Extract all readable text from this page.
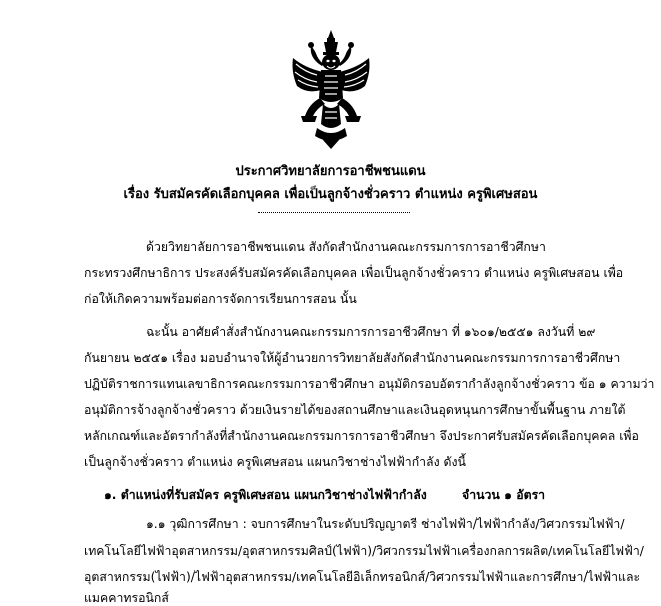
ประกาศวิทยาลัยการอาชีพชนแดน
เรื่อง รับสมัครคัดเลือกบุคคล เพื่อเป็นลูกจ้างชั่วคราว ตำแหน่ง ครูพิเศษสอน
ด้วยวิทยาลัยการอาชีพชนแดน สังกัดสำนักงานคณะกรรมการการอาชีวศึกษา
กระทรวงศึกษาธิการ ประสงค์รับสมัครคัดเลือกบุคคล เพื่อเป็นลูกจ้างชั่วคราว ตำแหน่ง ครูพิเศษสอน เพื่อ
ก่อให้เกิดความพร้อมต่อการจัดการเรียนการสอน นั้น
ฉะนั้น อาศัยคำสั่งสำนักงานคณะกรรมการการอาชีวศึกษา ที่ ๑๖๐๑/๒๕๕๑ ลงวันที่ ๒๙
กันยายน ๒๕๕๑ เรื่อง มอบอำนาจให้ผู้อำนวยการวิทยาลัยสังกัดสำนักงานคณะกรรมการการอาชีวศึกษา
ปฏิบัติราชการแทนเลขาธิการคณะกรรมการอาชีวศึกษา อนุมัติกรอบอัตรากำลังลูกจ้างชั่วคราว ข้อ ๑ ความว่า
อนุมัติการจ้างลูกจ้างชั่วคราว ด้วยเงินรายได้ของสถานศึกษาและเงินอุดหนุนการศึกษาขั้นพื้นฐาน ภายใต้
หลักเกณฑ์และอัตรากำลังที่สำนักงานคณะกรรมการการอาชีวศึกษา จึงประกาศรับสมัครคัดเลือกบุคคล เพื่อ
เป็นลูกจ้างชั่วคราว ตำแหน่ง ครูพิเศษสอน แผนกวิชาช่างไฟฟ้ากำลัง ดังนี้
๑. ตำแหน่งที่รับสมัคร ครูพิเศษสอน แผนกวิชาช่างไฟฟ้ากำลัง	จำนวน ๑ อัตรา
๑.๑ วุฒิการศึกษา : จบการศึกษาในระดับปริญญาตรี ช่างไฟฟ้า/ไฟฟ้ากำลัง/วิศวกรรมไฟฟ้า/
เทคโนโลยีไฟฟ้าอุตสาหกรรม/อุตสาหกรรมศิลป์(ไฟฟ้า)/วิศวกรรมไฟฟ้าเครื่องกลการผลิต/เทคโนโลยีไฟฟ้า/
อุตสาหกรรม(ไฟฟ้า)/ไฟฟ้าอุตสาหกรรม/เทคโนโลยีอิเล็กทรอนิกส์/วิศวกรรมไฟฟ้าและการศึกษา/ไฟฟ้าและ
แมคคาทรอนิกส์
